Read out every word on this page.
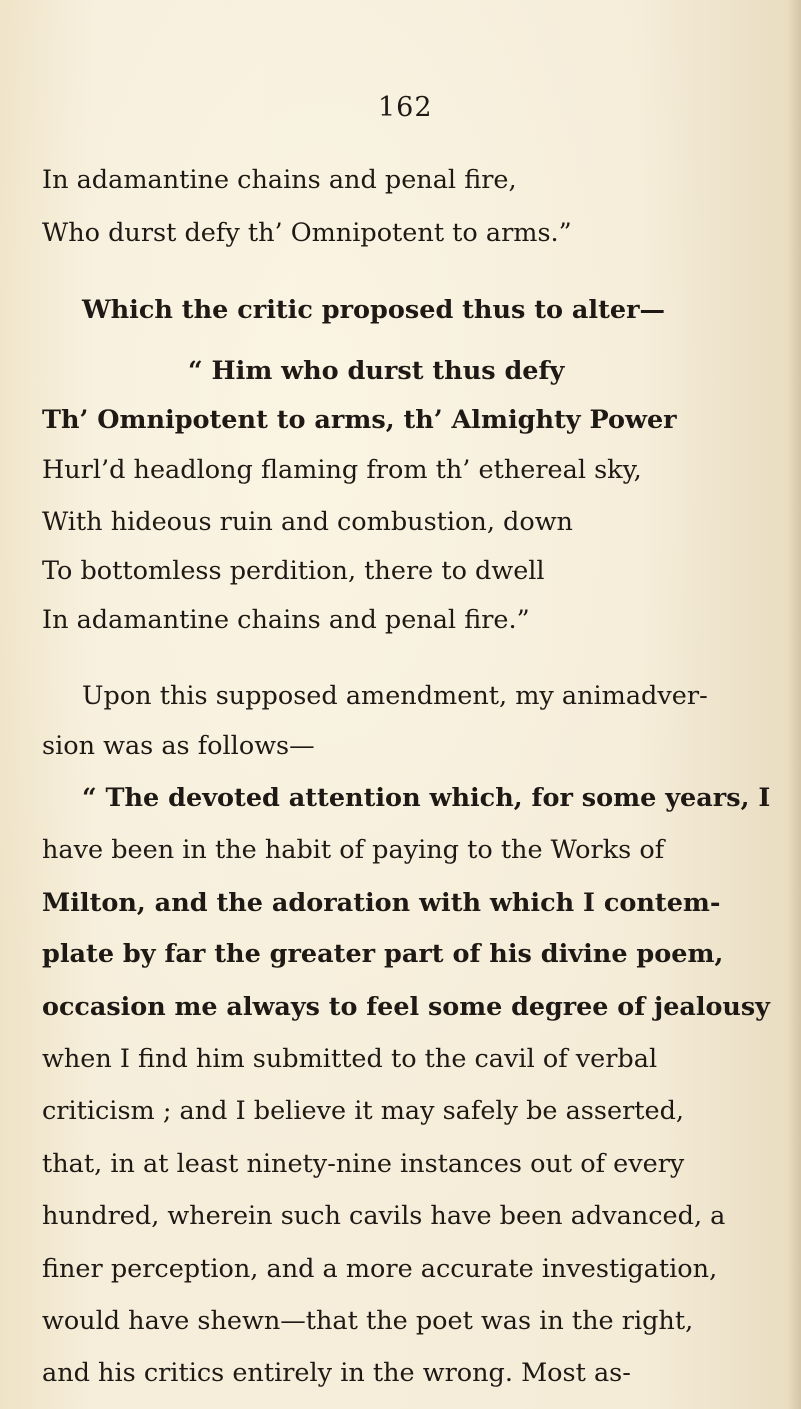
162
In adamantine chains and penal fire,
Who durst defy th’ Omnipotent to arms.”
Which the critic proposed thus to alter—
“ Him who durst thus defy
Th’ Omnipotent to arms, th’ Almighty Power
Hurl’d headlong flaming from th’ ethereal sky,
With hideous ruin and combustion, down
To bottomless perdition, there to dwell
In adamantine chains and penal fire.”
Upon this supposed amendment, my animadver-
sion was as follows—
“ The devoted attention which, for some years, I
have been in the habit of paying to the Works of
Milton, and the adoration with which I contem-
plate by far the greater part of his divine poem,
occasion me always to feel some degree of jealousy
when I find him submitted to the cavil of verbal
criticism ; and I believe it may safely be asserted,
that, in at least ninety-nine instances out of every
hundred, wherein such cavils have been advanced, a
finer perception, and a more accurate investigation,
would have shewn—that the poet was in the right,
and his critics entirely in the wrong. Most as-
